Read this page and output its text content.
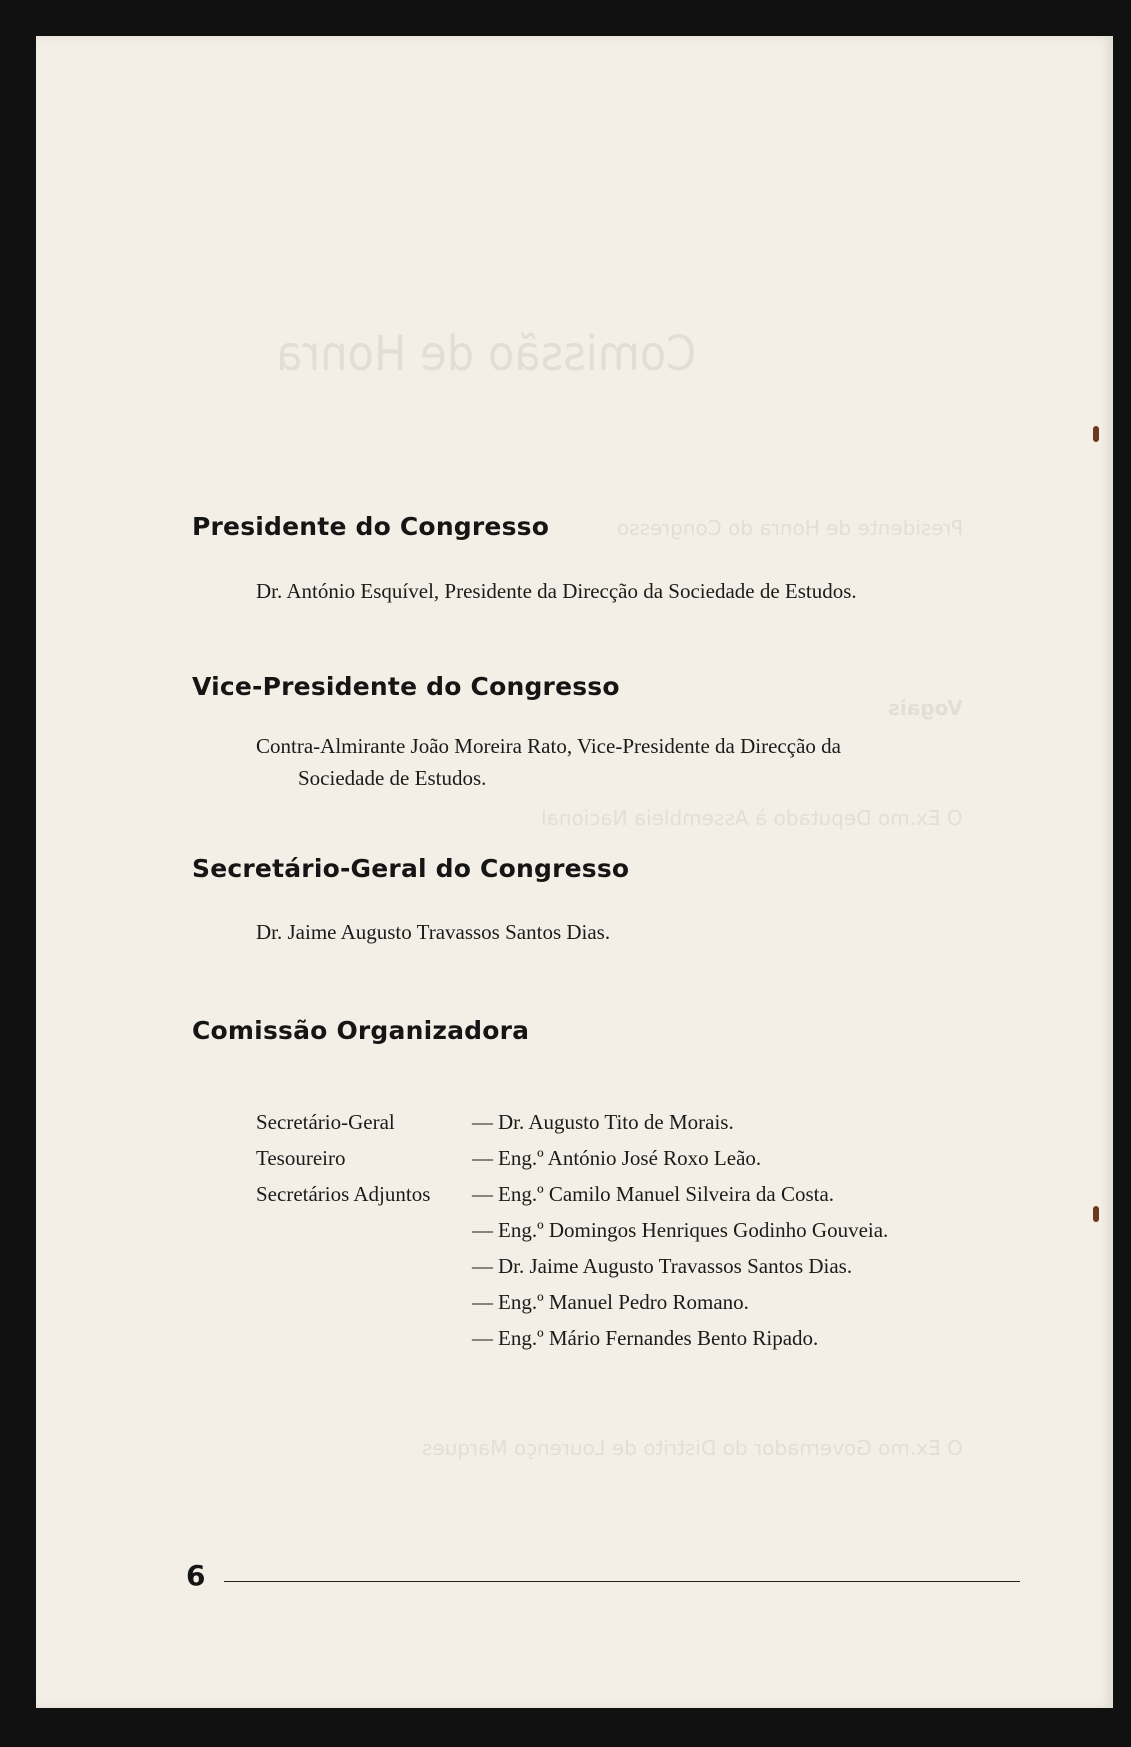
Comissão de Honra
Presidente de Honra do Congresso
Vogais
O Ex.mo Deputado à Assembleia Nacional
O Ex.mo Governador do Distrito de Lourenço Marques
Presidente do Congresso
Dr. António Esquível, Presidente da Direcção da Sociedade de Estudos.
Vice-Presidente do Congresso
Contra-Almirante João Moreira Rato, Vice-Presidente da Direcção da
Sociedade de Estudos.
Secretário-Geral do Congresso
Dr. Jaime Augusto Travassos Santos Dias.
Comissão Organizadora
Secretário-Geral	— Dr. Augusto Tito de Morais.
Tesoureiro	— Eng.º António José Roxo Leão.
Secretários Adjuntos	— Eng.º Camilo Manuel Silveira da Costa.
— Eng.º Domingos Henriques Godinho Gouveia.
— Dr. Jaime Augusto Travassos Santos Dias.
— Eng.º Manuel Pedro Romano.
— Eng.º Mário Fernandes Bento Ripado.
6
